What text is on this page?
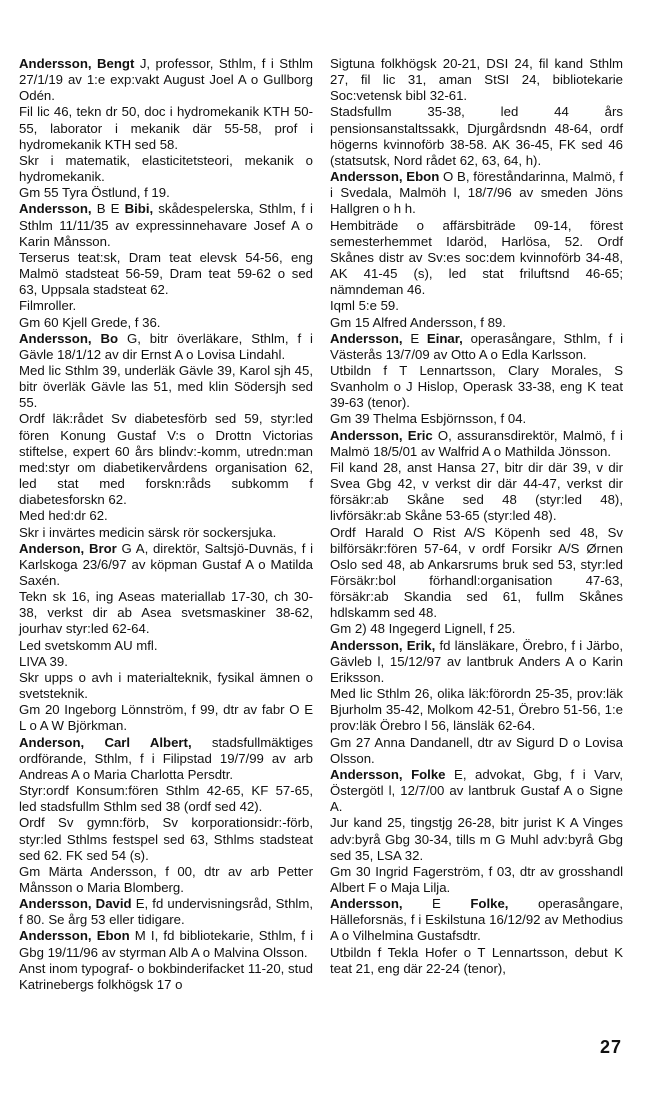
Andersson, Bengt J, professor, Sthlm, f i Sthlm 27/1/19 av 1:e exp:vakt August Joel A o Gullborg Odén.
Fil lic 46, tekn dr 50, doc i hydromekanik KTH 50-55, laborator i mekanik där 55-58, prof i hydromekanik KTH sed 58.
Skr i matematik, elasticitetsteori, mekanik o hydromekanik.
Gm 55 Tyra Östlund, f 19.
Andersson, B E Bibi, skådespelerska, Sthlm, f i Sthlm 11/11/35 av expressinnehavare Josef A o Karin Månsson.
Terserus teat:sk, Dram teat elevsk 54-56, eng Malmö stadsteat 56-59, Dram teat 59-62 o sed 63, Uppsala stadsteat 62.
Filmroller.
Gm 60 Kjell Grede, f 36.
Andersson, Bo G, bitr överläkare, Sthlm, f i Gävle 18/1/12 av dir Ernst A o Lovisa Lindahl.
Med lic Sthlm 39, underläk Gävle 39, Karol sjh 45, bitr överläk Gävle las 51, med klin Södersjh sed 55.
Ordf läk:rådet Sv diabetesförb sed 59, styr:led fören Konung Gustaf V:s o Drottn Victorias stiftelse, expert 60 års blindv:-komm, utredn:man med:styr om diabetikervårdens organisation 62, led stat med forskn:råds subkomm f diabetesforskn 62.
Med hed:dr 62.
Skr i invärtes medicin särsk rör sockersjuka.
Anderson, Bror G A, direktör, Saltsjö-Duvnäs, f i Karlskoga 23/6/97 av köpman Gustaf A o Matilda Saxén.
Tekn sk 16, ing Aseas materiallab 17-30, ch 30-38, verkst dir ab Asea svetsmaskiner 38-62, jourhav styr:led 62-64.
Led svetskomm AU mfl.
LIVA 39.
Skr upps o avh i materialteknik, fysikal ämnen o svetsteknik.
Gm 20 Ingeborg Lönnström, f 99, dtr av fabr O E L o A W Björkman.
Anderson, Carl Albert, stadsfullmäktiges ordförande, Sthlm, f i Filipstad 19/7/99 av arb Andreas A o Maria Charlotta Persdtr.
Styr:ordf Konsum:fören Sthlm 42-65, KF 57-65, led stadsfullm Sthlm sed 38 (ordf sed 42).
Ordf Sv gymn:förb, Sv korporationsidr:-förb, styr:led Sthlms festspel sed 63, Sthlms stadsteat sed 62. FK sed 54 (s).
Gm Märta Andersson, f 00, dtr av arb Petter Månsson o Maria Blomberg.
Andersson, David E, fd undervisningsråd, Sthlm, f 80. Se årg 53 eller tidigare.
Andersson, Ebon M I, fd bibliotekarie, Sthlm, f i Gbg 19/11/96 av styrman Alb A o Malvina Olsson.
Anst inom typograf- o bokbinderifacket 11-20, stud Katrinebergs folkhögsk 17 o
Sigtuna folkhögsk 20-21, DSI 24, fil kand Sthlm 27, fil lic 31, aman StSI 24, bibliotekarie Soc:vetensk bibl 32-61.
Stadsfullm 35-38, led 44 års pensionsanstaltssakk, Djurgårdsndn 48-64, ordf högerns kvinnoförb 38-58. AK 36-45, FK sed 46 (statsutsk, Nord rådet 62, 63, 64, h).
Andersson, Ebon O B, föreståndarinna, Malmö, f i Svedala, Malmöh l, 18/7/96 av smeden Jöns Hallgren o h h.
Hembiträde o affärsbiträde 09-14, förest semesterhemmet Idaröd, Harlösa, 52. Ordf Skånes distr av Sv:es soc:dem kvinnoförb 34-48, AK 41-45 (s), led stat friluftsnd 46-65; nämndeman 46.
Iqml 5:e 59.
Gm 15 Alfred Andersson, f 89.
Andersson, E Einar, operasångare, Sthlm, f i Västerås 13/7/09 av Otto A o Edla Karlsson.
Utbildn f T Lennartsson, Clary Morales, S Svanholm o J Hislop, Operask 33-38, eng K teat 39-63 (tenor).
Gm 39 Thelma Esbjörnsson, f 04.
Andersson, Eric O, assuransdirektör, Malmö, f i Malmö 18/5/01 av Walfrid A o Mathilda Jönsson.
Fil kand 28, anst Hansa 27, bitr dir där 39, v dir Svea Gbg 42, v verkst dir där 44-47, verkst dir försäkr:ab Skåne sed 48 (styr:led 48), livförsäkr:ab Skåne 53-65 (styr:led 48).
Ordf Harald O Rist A/S Köpenh sed 48, Sv bilförsäkr:fören 57-64, v ordf Forsikr A/S Ørnen Oslo sed 48, ab Ankarsrums bruk sed 53, styr:led Försäkr:bol förhandl:organisation 47-63, försäkr:ab Skandia sed 61, fullm Skånes hdlskamm sed 48.
Gm 2) 48 Ingegerd Lignell, f 25.
Andersson, Erik, fd länsläkare, Örebro, f i Järbo, Gävleb l, 15/12/97 av lantbruk Anders A o Karin Eriksson.
Med lic Sthlm 26, olika läk:förordn 25-35, prov:läk Bjurholm 35-42, Molkom 42-51, Örebro 51-56, 1:e prov:läk Örebro l 56, länsläk 62-64.
Gm 27 Anna Dandanell, dtr av Sigurd D o Lovisa Olsson.
Andersson, Folke E, advokat, Gbg, f i Varv, Östergötl l, 12/7/00 av lantbruk Gustaf A o Signe A.
Jur kand 25, tingstjg 26-28, bitr jurist K A Vinges adv:byrå Gbg 30-34, tills m G Muhl adv:byrå Gbg sed 35, LSA 32.
Gm 30 Ingrid Fagerström, f 03, dtr av grosshandl Albert F o Maja Lilja.
Andersson, E Folke, operasångare, Hälleforsnäs, f i Eskilstuna 16/12/92 av Methodius A o Vilhelmina Gustafsdtr.
Utbildn f Tekla Hofer o T Lennartsson, debut K teat 21, eng där 22-24 (tenor),
27
